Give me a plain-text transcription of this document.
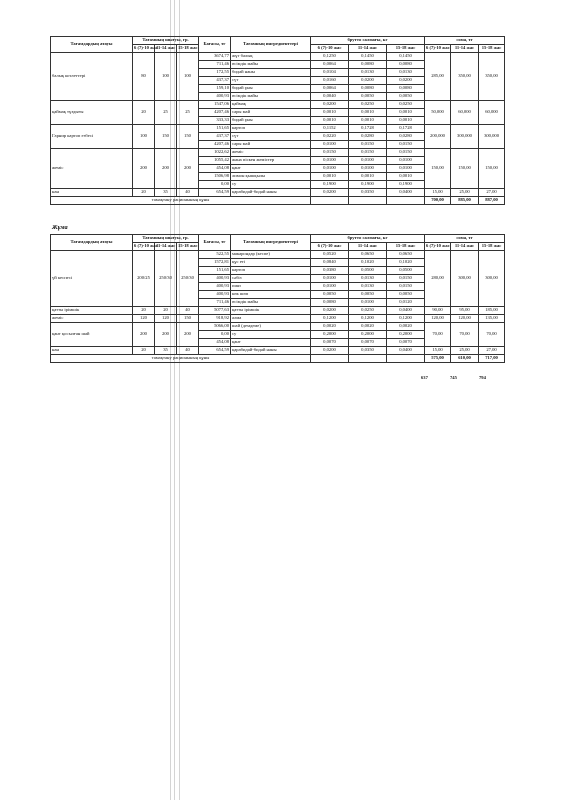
Тағамдардың атауы	Тағамның шығуы, гр.			Бағасы, тг	Тағамның ингредиенттері	брутто салмағы, кг			сома, тг		
	6 (7)-10 жас	11-14 жас	15-18 жас			6 (7)-10 жас	11-14 жас	15-18 жас	6 (7)-10 жас	11-14 жас	15-18 жас
балық котлеттері	80	100	100	3674,77	жұт балық	0,1250	0,1450	0,1450	285,00	350,00	350,00
				711,46	өсімдік майы	0,0064	0,0080	0,0080			
				172,55	бидай наны	0,0104	0,0130	0,0130			
				437,37	сүт	0,0160	0,0200	0,0200			
				159,10	бидай ұны	0,0064	0,0080	0,0080			
				400,93	өсімдік майы	0,0040	0,0050	0,0050			
қаймақ тұздығы	20	25	25	1547,06	қаймақ	0,0200	0,0250	0,0250	50,000	60,000	60,000
				4207,46	сары май	0,0010	0,0010	0,0010			
				333,33	бидай ұны	0,0010	0,0010	0,0010			
Гарнир картоп езбесі	100	150	150	151,65	картоп	0,1152	0,1728	0,1728	200,000	300,000	300,000
				437,37	сүт	0,0220	0,0280	0,0280			
				4207,46	сары май	0,0100	0,0150	0,0150			
жеміс	200	200	200	1022,62	жеміс	0,0150	0,0150	0,0150	150,00	150,00	150,00
				1055,42	жана піскен жемістер	0,0100	0,0100	0,0100			
				454,08	қант	0,0100	0,0100	0,0100			
				1506,98	лимон қышқылы	0,0010	0,0010	0,0010			
				0,00	су	0,1900	0,1900	0,1900			
нан	20	35	40	654,59	қарабидай-бидай наны	0,0200	0,0350	0,0400	15,00	25,00	27,00
тамақтану рационының құны									700,00	885,00	887,00
Жұма
Тағамдардың атауы	Тағамның шығуы, гр.			Бағасы, тг	Тағамның ингредиенттері	брутто салмағы, кг			сома, тг		
	6 (7)-10 жас	11-14 жас	15-18 жас			6 (7)-10 жас	11-14 жас	15-18 жас	6 (7)-10 жас	11-14 жас	15-18 жас
үй кеспесі	200/25	250/30	250/30	522,55	макарондар (кеспе)	0,0520	0,0650	0,0650	280,00	300,00	300,00
				1572,81	құс еті	0,0840	0,1020	0,1020			
				151,65	картоп	0,0380	0,0500	0,0500			
				400,93	сәбіз	0,0100	0,0130	0,0150			
				400,93	пияз	0,0100	0,0130	0,0150			
				400,93	көк шөп	0,0050	0,0050	0,0050			
				711,46	өсімдік майы	0,0080	0,0100	0,0120			
қатты ірімшік	20	20	40	5077,63	қатты ірімшік	0,0200	0,0250	0,0400	90,00	95,00	185,00
жеміс	120	120	150	918,92	алма	0,1200	0,1200	0,1200	120,00	120,00	135,00
қант қосылған шай	200	200	200	5066,00	шай (демдеме)	0,0020	0,0020	0,0020	70,00	70,00	70,00
				0,00	су	0,2000	0,2000	0,2000			
				454,08	қант	0,0070	0,0070	0,0070			
нан	20	35	40	654,59	қарабидай-бидай наны	0,0200	0,0350	0,0400	15,00	25,00	27,00
тамақтану рационының құны									575,00	610,00	717,00
637	745	794
